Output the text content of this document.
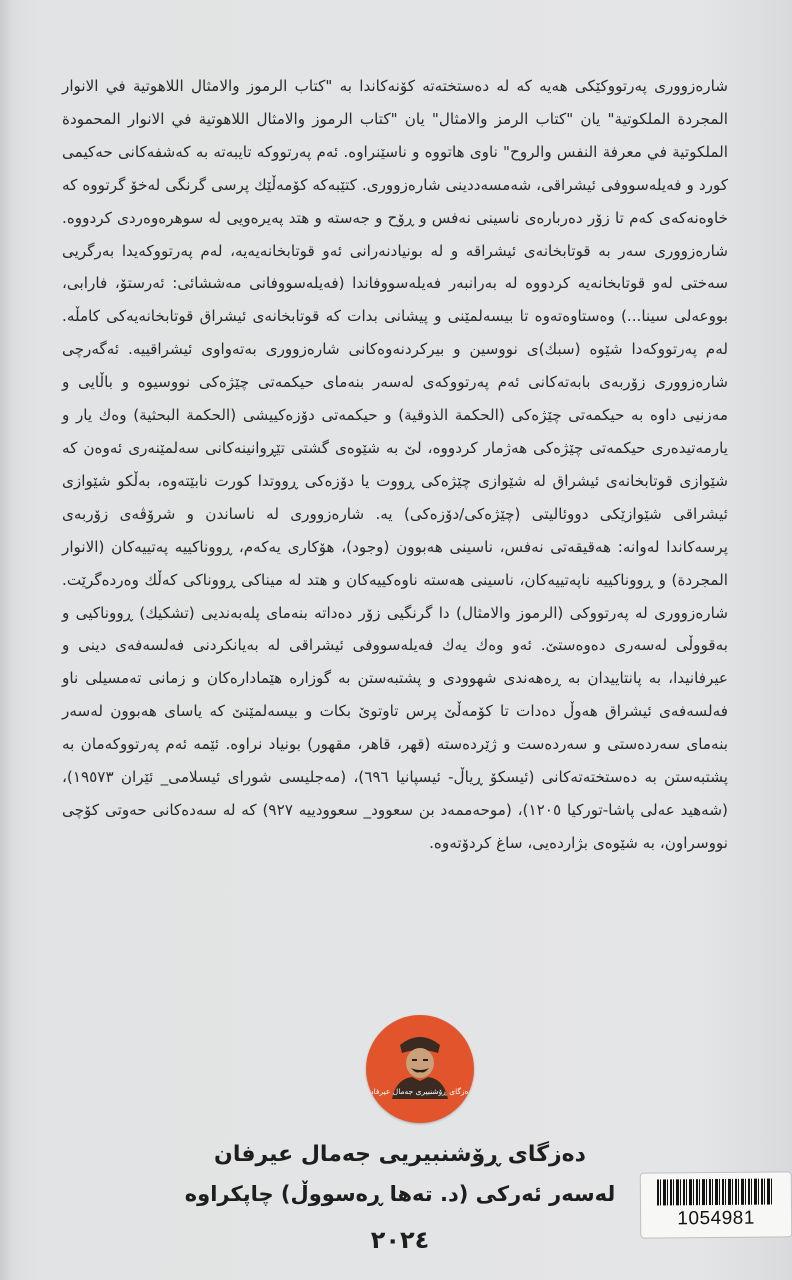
شارەزووری پەرتووکێکی هەیە کە لە دەستختەتە کۆنەکاندا بە "كتاب الرموز والامثال اللاهوتية في الانوار المجردة الملكوتية" یان "كتاب الرمز والامثال" یان "كتاب الرموز والامثال اللاهوتية في الانوار المحمودة الملكوتية في معرفة النفس والروح" ناوی هاتووە و ناسێنراوە. ئەم پەرتووکە تایبەتە بە کەشفەکانی حەکیمی کورد و فەیلەسووفی ئیشراقی، شەمسەددینی شارەزووری. کتێبەکە کۆمەڵێك پرسی گرنگی لەخۆ گرتووە کە خاوەنەکەی کەم تا زۆر دەربارەی ناسینی نەفس و ڕۆح و جەستە و هتد پەیرەویی لە سوهرەوەردی کردووە. شارەزووری سەر بە قوتابخانەی ئیشراقە و لە بونیادنەرانی ئەو قوتابخانەیەیە، لەم پەرتووکەیدا بەرگریی سەختی لەو قوتابخانەیە کردووە لە بەرانبەر فەیلەسووفاندا (فەیلەسووفانی مەششائی: ئەرستۆ، فارابی، بووعەلی سینا...) وەستاوەتەوە تا بیسەلمێنی و پیشانی بدات کە قوتابخانەی ئیشراق قوتابخانەیەکی کامڵە. لەم پەرتووکەدا شێوە (سبك)ی نووسین و بیرکردنەوەکانی شارەزووری بەتەواوی ئیشراقییە. ئەگەرچی شارەزووری زۆربەی بابەتەکانی ئەم پەرتووکەی لەسەر بنەمای حیکمەتی چێژەکی نووسیوە و باڵایی و مەزنیی داوە بە حیکمەتی چێژەکی (الحكمة الذوقية) و حیکمەتی دۆزەکییشی (الحكمة البحثية) وەك یار و یارمەتیدەری حیکمەتی چێژەکی هەژمار کردووە، لێ بە شێوەی گشتی تێڕوانینەکانی سەلمێنەری ئەوەن کە شێوازی قوتابخانەی ئیشراق لە شێوازی چێژەکی ڕووت یا دۆزەکی ڕووتدا کورت نابێتەوە، بەڵکو شێوازی ئیشراقی شێوازێکی دووئالیتی (چێژەکی/دۆزەکی) یە. شارەزووری لە ناساندن و شرۆڤەی زۆربەی پرسەکاندا لەوانە: هەقیقەتی نەفس، ناسینی هەبوون (وجود)، هۆکاری یەکەم، ڕووناکییە پەتییەکان (الانوار المجردة) و ڕووناکییە ناپەتییەکان، ناسینی هەستە ناوەکییەکان و هتد لە میناکی ڕووناکی کەڵك وەردەگرێت. شارەزووری لە پەرتووکی (الرموز والامثال) دا گرنگیی زۆر دەداتە بنەمای پلەبەندیی (تشکيك) ڕووناکیی و بەقووڵی لەسەری دەوەستێ. ئەو وەك یەك فەیلەسووفی ئیشراقی لە بەیانکردنی فەلسەفەی دینی و عیرفانیدا، بە پانتاییدان بە ڕەهەندی شهوودی و پشتبەستن بە گوزارە هێماداره‌کان و زمانی تەمسیلی ناو فەلسەفەی ئیشراق هەوڵ دەدات تا کۆمەڵێ پرس تاوتوێ بکات و بیسەلمێنێ کە یاسای هەبوون لەسەر بنەمای سەردەستی و سەردەست و ژێردەستە (قهر، قاهر، مقهور) بونیاد نراوە. ئێمە ئەم پەرتووکەمان بە پشتبەستن بە دەستختەتەکانی (ئیسکۆ ڕیاڵ- ئیسپانیا ٦٩٦)، (مەجلیسی شورای ئیسلامی_ ئێران ١٩٥٧٣)، (شەهید عەلی پاشا-تورکیا ١٢٠٥)، (موحەممەد بن سعوود_ سعوودییە ٩٢٧) کە لە سەدەکانی حەوتی کۆچی نووسراون، بە شێوەی بژاردەیی، ساغ کردۆتەوە.

دەزگای ڕۆشنبیری جەمال عیرفان
دەزگای ڕۆشنبیریی جەمال عیرفان
لەسەر ئەرکی (د. تەها ڕەسووڵ) چاپکراوە
٢٠٢٤
1054981
